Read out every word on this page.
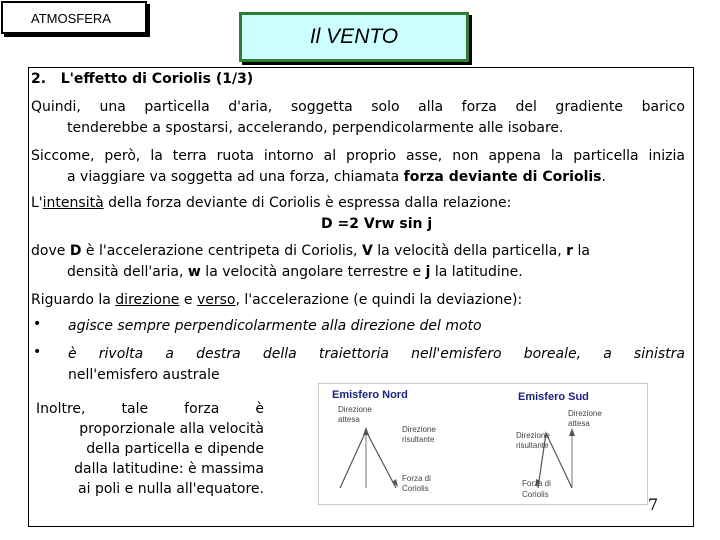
ATMOSFERA
Il VENTO
2. L'effetto di Coriolis (1/3)
Quindi, una particella d'aria, soggetta solo alla forza del gradiente barico
tenderebbe a spostarsi, accelerando, perpendicolarmente alle isobare.
Siccome, però, la terra ruota intorno al proprio asse, non appena la particella inizia
a viaggiare va soggetta ad una forza, chiamata forza deviante di Coriolis.
L'intensità della forza deviante di Coriolis è espressa dalla relazione:
D =2 Vrw sin j
dove D è l'accelerazione centripeta di Coriolis, V la velocità della particella, r la
densità dell'aria, w la velocità angolare terrestre e j la latitudine.
Riguardo la direzione e verso, l'accelerazione (e quindi la deviazione):
• agisce sempre perpendicolarmente alla direzione del moto
• è rivolta a destra della traiettoria nell'emisfero boreale, a sinistra
nell'emisfero australe
Inoltre, tale forza è
proporzionale alla velocità
della particella e dipende
dalla latitudine: è massima
ai poli e nulla all'equatore.
Emisfero Nord	Emisfero Sud
Direzione
attesa
Direzione
risultante
Forza di
Coriolis
Direzione
attesa
Direzione
risultante
Forza di
Coriolis
7
